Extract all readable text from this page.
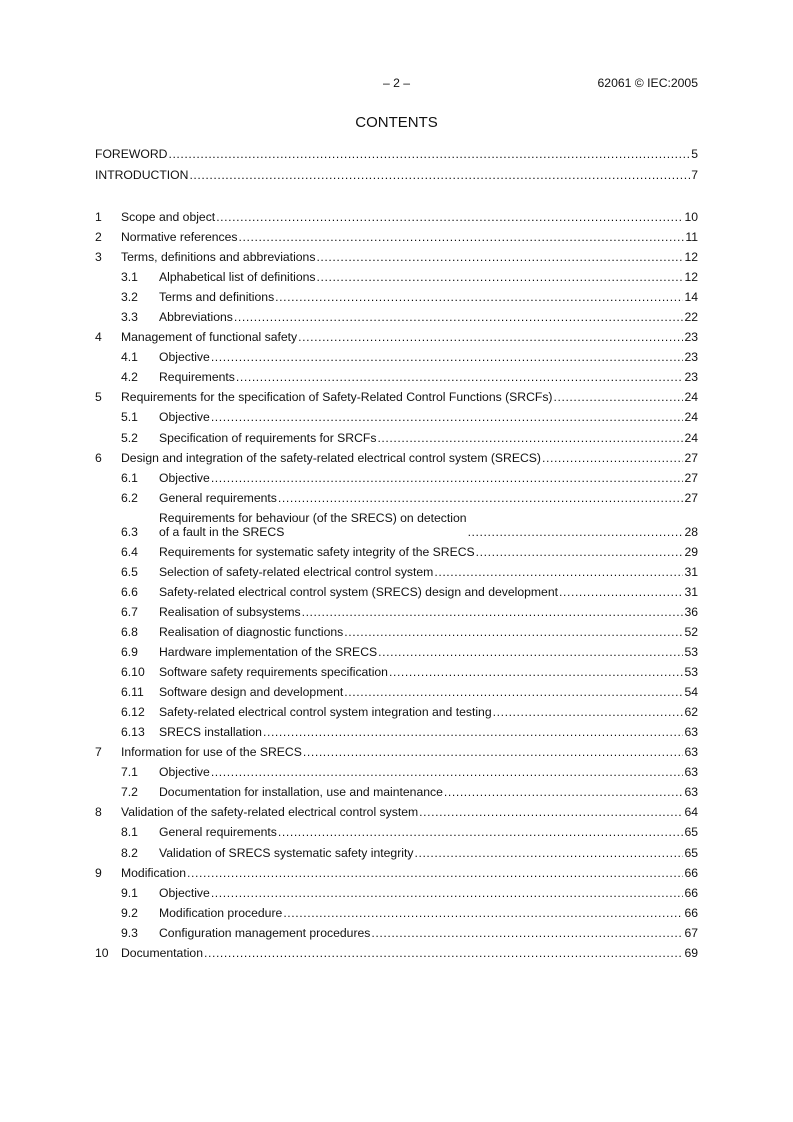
– 2 –	62061 © IEC:2005
CONTENTS
FOREWORD .....	5
INTRODUCTION .....	7
1	Scope and object .....	10
2	Normative references .....	11
3	Terms, definitions and abbreviations .....	12
3.1	Alphabetical list of definitions .....	12
3.2	Terms and definitions .....	14
3.3	Abbreviations .....	22
4	Management of functional safety .....	23
4.1	Objective .....	23
4.2	Requirements .....	23
5	Requirements for the specification of Safety-Related Control Functions (SRCFs) .....	24
5.1	Objective .....	24
5.2	Specification of requirements for SRCFs .....	24
6	Design and integration of the safety-related electrical control system (SRECS) .....	27
6.1	Objective .....	27
6.2	General requirements .....	27
6.3
Requirements for behaviour (of the SRECS) on detection
of a fault in the SRECS .....	28
6.4	Requirements for systematic safety integrity of the SRECS .....	29
6.5	Selection of safety-related electrical control system .....	31
6.6	Safety-related electrical control system (SRECS) design and development .....	31
6.7	Realisation of subsystems .....	36
6.8	Realisation of diagnostic functions .....	52
6.9	Hardware implementation of the SRECS .....	53
6.10	Software safety requirements specification .....	53
6.11	Software design and development .....	54
6.12	Safety-related electrical control system integration and testing .....	62
6.13	SRECS installation .....	63
7	Information for use of the SRECS .....	63
7.1	Objective .....	63
7.2	Documentation for installation, use and maintenance .....	63
8	Validation of the safety-related electrical control system .....	64
8.1	General requirements .....	65
8.2	Validation of SRECS systematic safety integrity .....	65
9	Modification .....	66
9.1	Objective .....	66
9.2	Modification procedure .....	66
9.3	Configuration management procedures .....	67
10	Documentation .....	69
